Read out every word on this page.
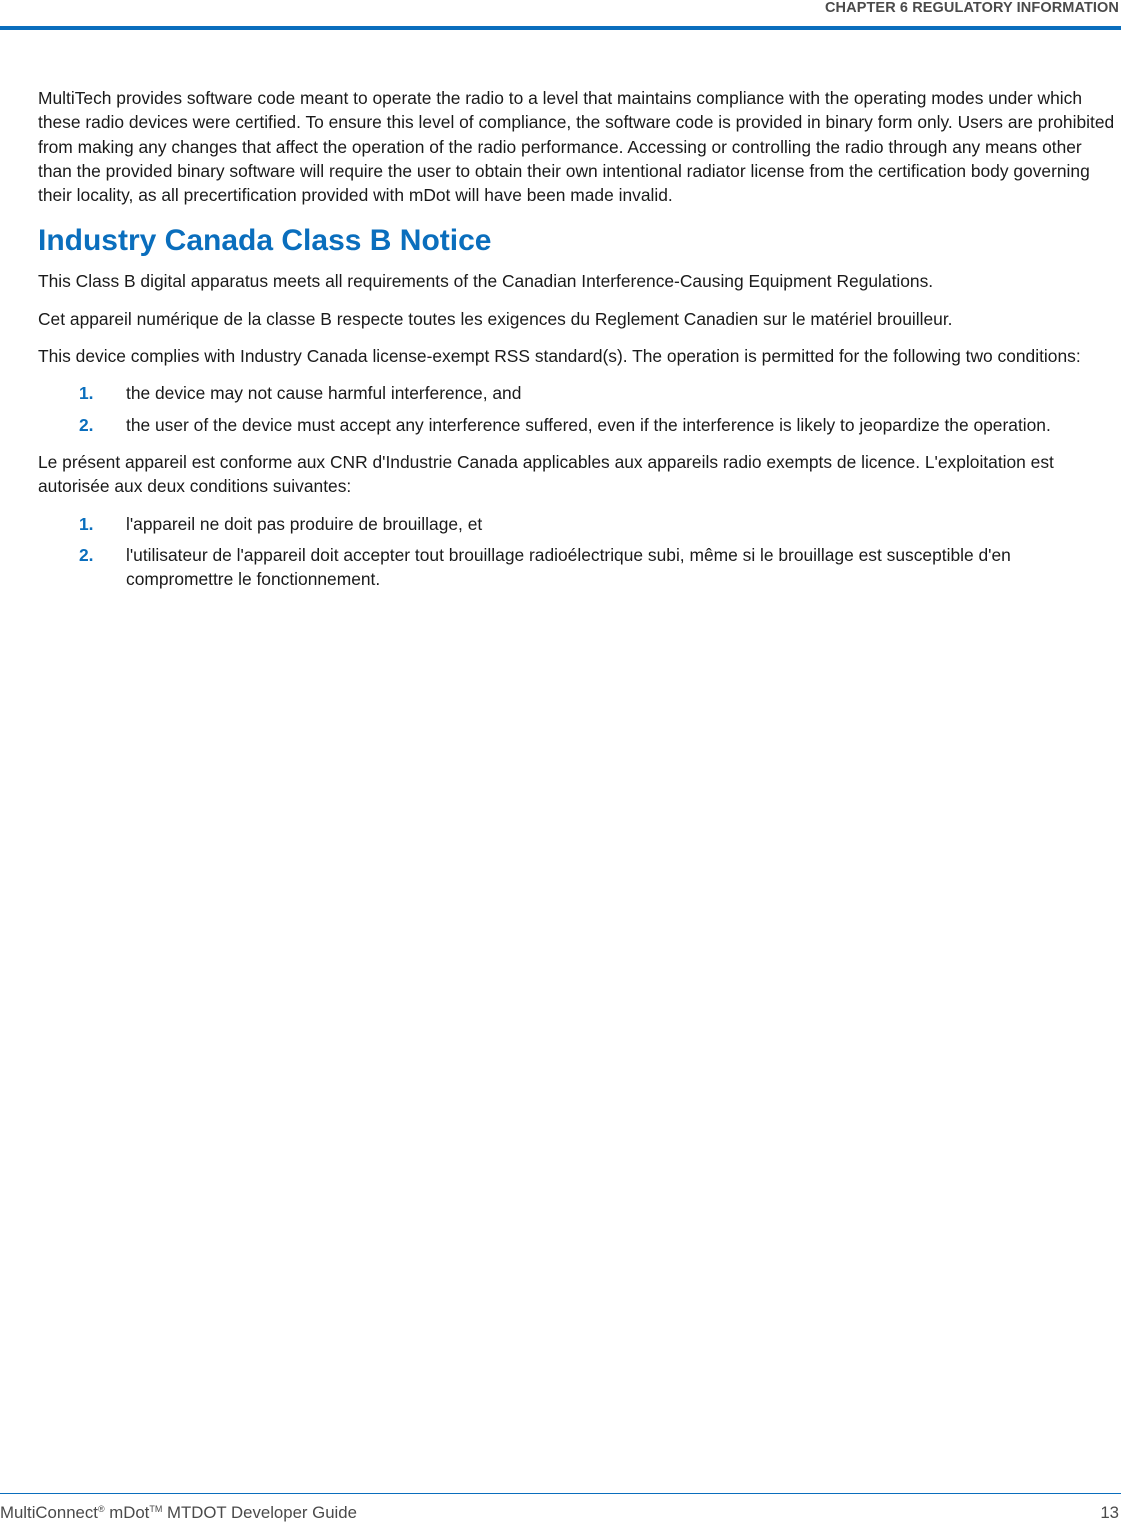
CHAPTER 6 REGULATORY INFORMATION

MultiTech provides software code meant to operate the radio to a level that maintains compliance with the operating modes under which these radio devices were certified. To ensure this level of compliance, the software code is provided in binary form only. Users are prohibited from making any changes that affect the operation of the radio performance. Accessing or controlling the radio through any means other than the provided binary software will require the user to obtain their own intentional radiator license from the certification body governing their locality, as all precertification provided with mDot will have been made invalid.

Industry Canada Class B Notice

This Class B digital apparatus meets all requirements of the Canadian Interference-Causing Equipment Regulations.

Cet appareil numérique de la classe B respecte toutes les exigences du Reglement Canadien sur le matériel brouilleur.

This device complies with Industry Canada license-exempt RSS standard(s). The operation is permitted for the following two conditions:

1. the device may not cause harmful interference, and
2. the user of the device must accept any interference suffered, even if the interference is likely to jeopardize the operation.

Le présent appareil est conforme aux CNR d'Industrie Canada applicables aux appareils radio exempts de licence. L'exploitation est autorisée aux deux conditions suivantes:

1. l'appareil ne doit pas produire de brouillage, et
2. l'utilisateur de l'appareil doit accepter tout brouillage radioélectrique subi, même si le brouillage est susceptible d'en compromettre le fonctionnement.
MultiConnect® mDot™ MTDOT Developer Guide	13
